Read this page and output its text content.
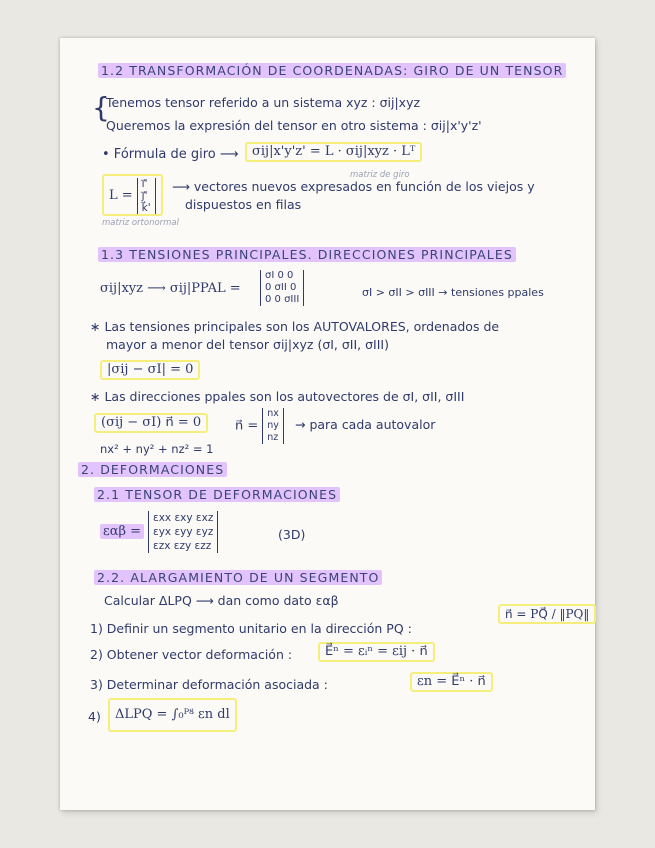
1.2 TRANSFORMACIÓN DE COORDENADAS: GIRO DE UN TENSOR
{
Tenemos tensor referido a un sistema xyz : σij|xyz
Queremos la expresión del tensor en otro sistema : σij|x'y'z'
• Fórmula de giro ⟶	σij|x'y'z' = L · σij|xyz · Lᵀ
matriz de giro
L = i⃗'
j⃗'
k⃗'
⟶ vectores nuevos expresados en función de los viejos y
dispuestos en filas
matriz ortonormal
1.3 TENSIONES PRINCIPALES. DIRECCIONES PRINCIPALES
σij|xyz ⟶ σij|PPAL =
σI 0 0
0 σII 0
0 0 σIII
σI > σII > σIII → tensiones ppales
∗ Las tensiones principales son los AUTOVALORES, ordenados de
mayor a menor del tensor σij|xyz (σI, σII, σIII)
|σij − σI| = 0
∗ Las direcciones ppales son los autovectores de σI, σII, σIII
(σij − σI) n⃗ = 0	n⃗ = nx
ny
nz
→ para cada autovalor
nx² + ny² + nz² = 1
2. DEFORMACIONES
2.1 TENSOR DE DEFORMACIONES
εαβ = εxx εxy εxz
εyx εyy εyz
εzx εzy εzz
(3D)
2.2. ALARGAMIENTO DE UN SEGMENTO
Calcular ΔLPQ ⟶ dan como dato εαβ
1) Definir un segmento unitario en la dirección PQ :
n⃗ = PQ⃗ / ‖PQ‖
2) Obtener vector deformación :	E⃗ⁿ = εᵢⁿ = εij · n⃗
3) Determinar deformación asociada :	εn = E⃗ⁿ · n⃗
4)	ΔLPQ = ∫₀ᴾᴽ εn dl
